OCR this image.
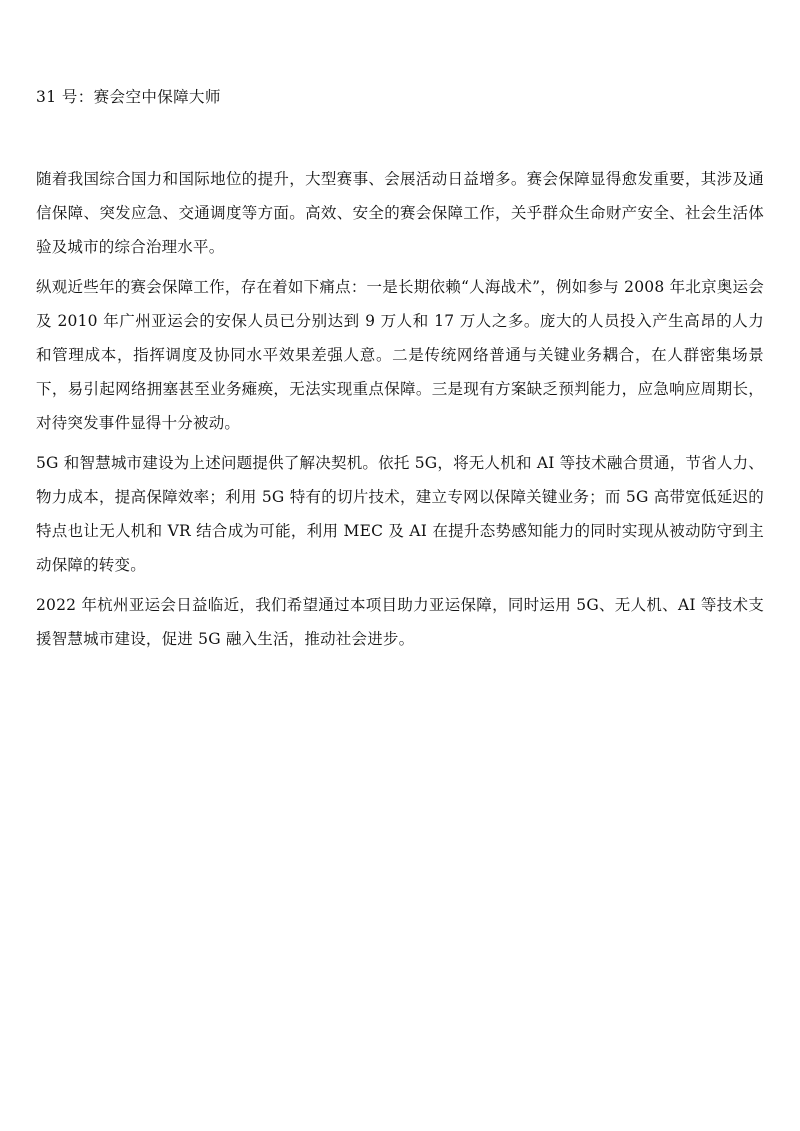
31 号：赛会空中保障大师

随着我国综合国力和国际地位的提升，大型赛事、会展活动日益增多。赛会保障显得愈发重要，其涉及通信保障、突发应急、交通调度等方面。高效、安全的赛会保障工作，关乎群众生命财产安全、社会生活体验及城市的综合治理水平。

纵观近些年的赛会保障工作，存在着如下痛点：一是长期依赖“人海战术”，例如参与 2008 年北京奥运会及 2010 年广州亚运会的安保人员已分别达到 9 万人和 17 万人之多。庞大的人员投入产生高昂的人力和管理成本，指挥调度及协同水平效果差强人意。二是传统网络普通与关键业务耦合，在人群密集场景下，易引起网络拥塞甚至业务瘫痪，无法实现重点保障。三是现有方案缺乏预判能力，应急响应周期长，对待突发事件显得十分被动。

5G 和智慧城市建设为上述问题提供了解决契机。依托 5G，将无人机和 AI 等技术融合贯通，节省人力、物力成本，提高保障效率；利用 5G 特有的切片技术，建立专网以保障关键业务；而 5G 高带宽低延迟的特点也让无人机和 VR 结合成为可能，利用 MEC 及 AI 在提升态势感知能力的同时实现从被动防守到主动保障的转变。

2022 年杭州亚运会日益临近，我们希望通过本项目助力亚运保障，同时运用 5G、无人机、AI 等技术支援智慧城市建设，促进 5G 融入生活，推动社会进步。
